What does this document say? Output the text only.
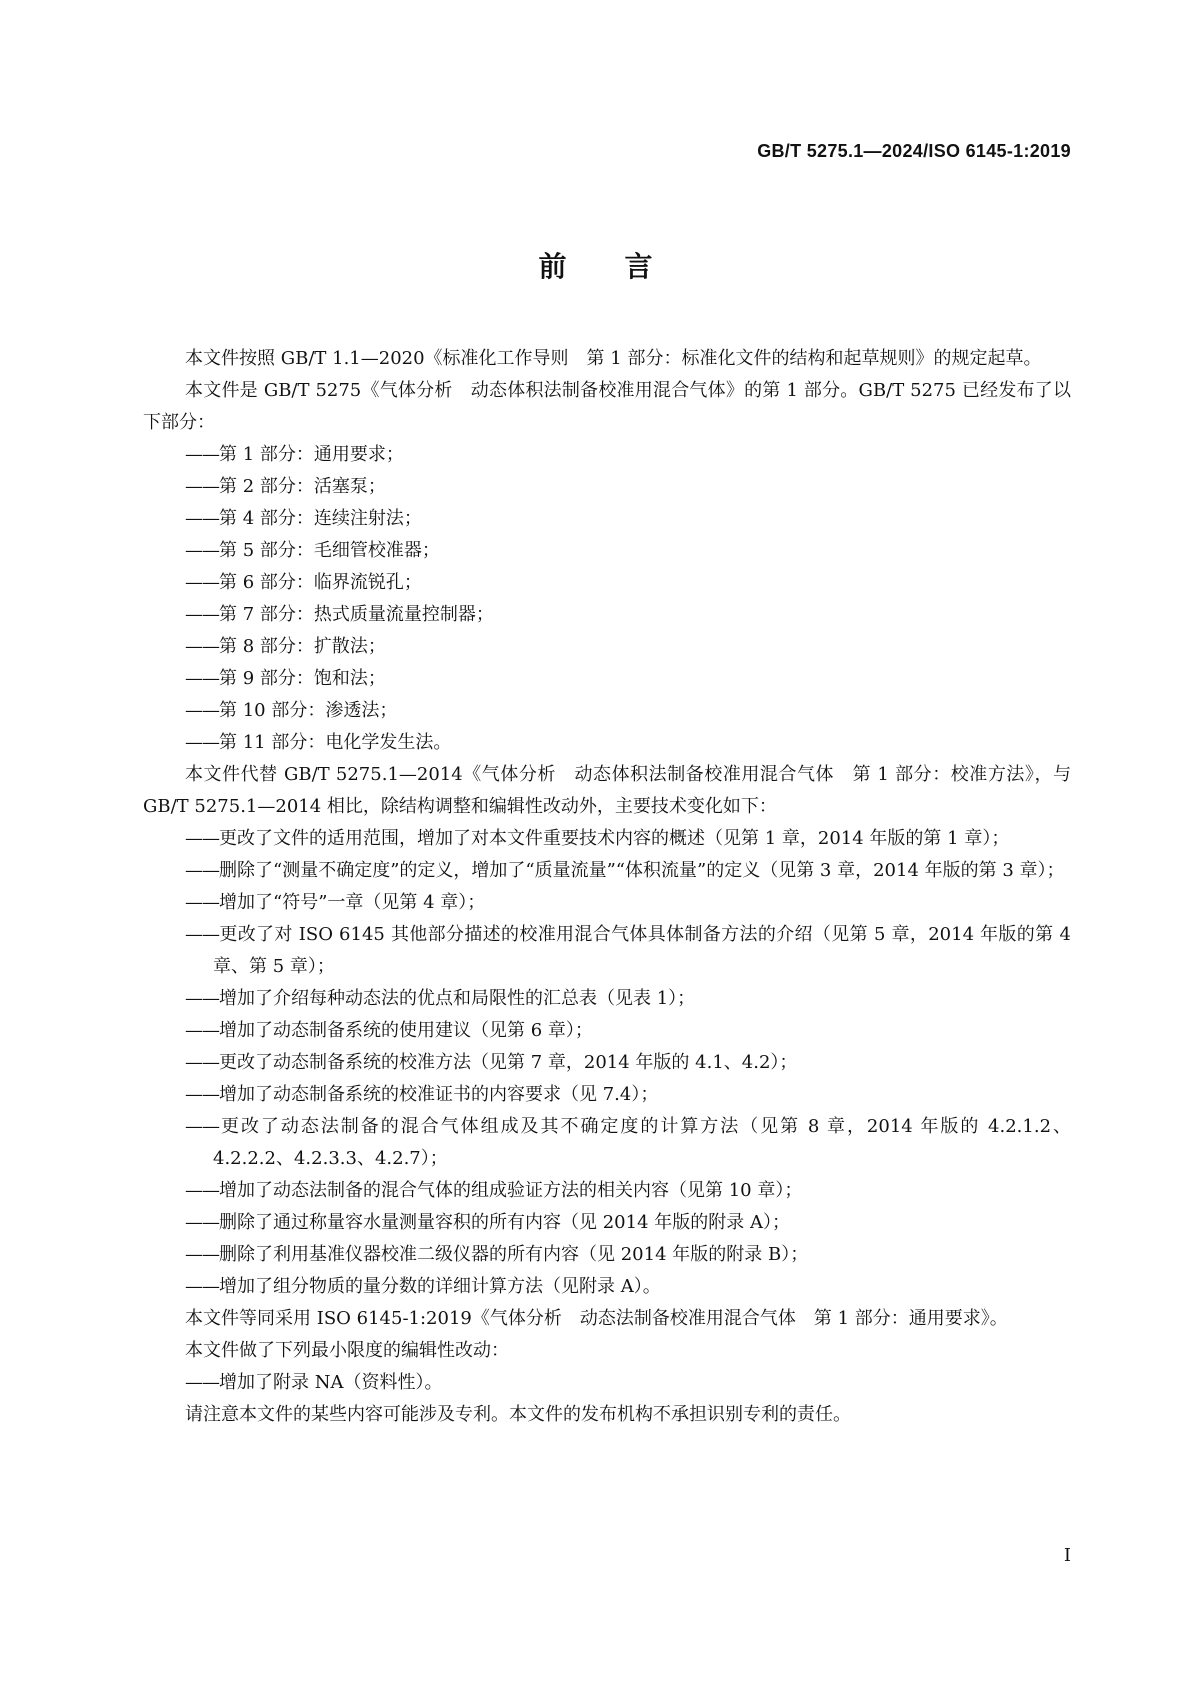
GB/T 5275.1—2024/ISO 6145-1:2019
前言

本文件按照 GB/T 1.1—2020《标准化工作导则　第 1 部分：标准化文件的结构和起草规则》的规定起草。

本文件是 GB/T 5275《气体分析　动态体积法制备校准用混合气体》的第 1 部分。GB/T 5275 已经发布了以下部分：

——第 1 部分：通用要求；

——第 2 部分：活塞泵；

——第 4 部分：连续注射法；

——第 5 部分：毛细管校准器；

——第 6 部分：临界流锐孔；

——第 7 部分：热式质量流量控制器；

——第 8 部分：扩散法；

——第 9 部分：饱和法；

——第 10 部分：渗透法；

——第 11 部分：电化学发生法。

本文件代替 GB/T 5275.1—2014《气体分析　动态体积法制备校准用混合气体　第 1 部分：校准方法》，与 GB/T 5275.1—2014 相比，除结构调整和编辑性改动外，主要技术变化如下：

——更改了文件的适用范围，增加了对本文件重要技术内容的概述（见第 1 章，2014 年版的第 1 章）；

——删除了“测量不确定度”的定义，增加了“质量流量”“体积流量”的定义（见第 3 章，2014 年版的第 3 章）；

——增加了“符号”一章（见第 4 章）；

——更改了对 ISO 6145 其他部分描述的校准用混合气体具体制备方法的介绍（见第 5 章，2014 年版的第 4 章、第 5 章）；

——增加了介绍每种动态法的优点和局限性的汇总表（见表 1）；

——增加了动态制备系统的使用建议（见第 6 章）；

——更改了动态制备系统的校准方法（见第 7 章，2014 年版的 4.1、4.2）；

——增加了动态制备系统的校准证书的内容要求（见 7.4）；

——更改了动态法制备的混合气体组成及其不确定度的计算方法（见第 8 章，2014 年版的 4.2.1.2、4.2.2.2、4.2.3.3、4.2.7）；

——增加了动态法制备的混合气体的组成验证方法的相关内容（见第 10 章）；

——删除了通过称量容水量测量容积的所有内容（见 2014 年版的附录 A）；

——删除了利用基准仪器校准二级仪器的所有内容（见 2014 年版的附录 B）；

——增加了组分物质的量分数的详细计算方法（见附录 A）。

本文件等同采用 ISO 6145-1:2019《气体分析　动态法制备校准用混合气体　第 1 部分：通用要求》。

本文件做了下列最小限度的编辑性改动：

——增加了附录 NA（资料性）。

请注意本文件的某些内容可能涉及专利。本文件的发布机构不承担识别专利的责任。

I
